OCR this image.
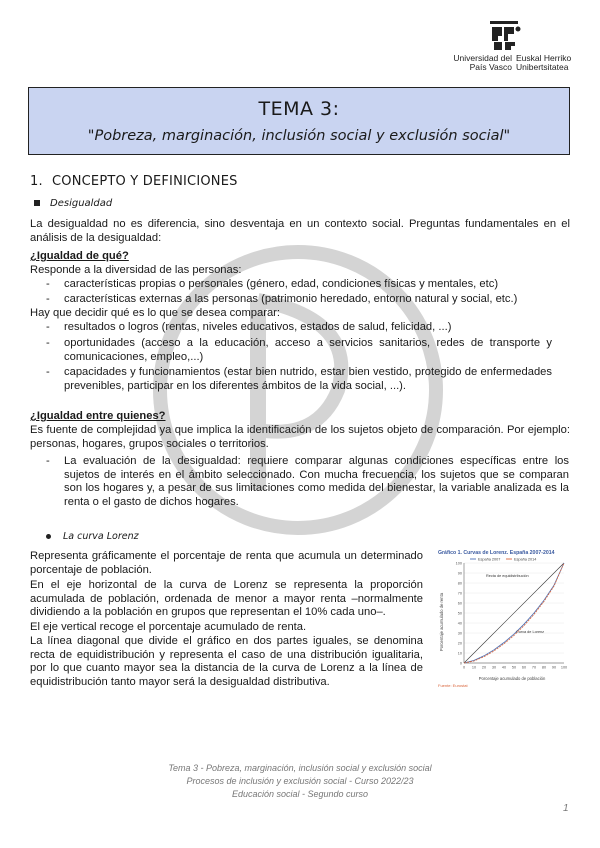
Universidad del País Vasco
Euskal Herriko Unibertsitatea
TEMA 3:
"Pobreza, marginación, inclusión social y exclusión social"
1. CONCEPTO Y DEFINICIONES
Desigualdad
La desigualdad no es diferencia, sino desventaja en un contexto social. Preguntas fundamentales en el análisis de la desigualdad:
¿Igualdad de qué?
Responde a la diversidad de las personas:
- características propias o personales (género, edad, condiciones físicas y mentales, etc)
- características externas a las personas (patrimonio heredado, entorno natural y social, etc.)
Hay que decidir qué es lo que se desea comparar:
- resultados o logros (rentas, niveles educativos, estados de salud, felicidad, ...)
- oportunidades (acceso a la educación, acceso a servicios sanitarios, redes de transporte y comunicaciones, empleo,...)
- capacidades y funcionamientos (estar bien nutrido, estar bien vestido, protegido de enfermedades prevenibles, participar en los diferentes ámbitos de la vida social, ...).
¿Igualdad entre quienes?
Es fuente de complejidad ya que implica la identificación de los sujetos objeto de comparación. Por ejemplo: personas, hogares, grupos sociales o territorios.
- La evaluación de la desigualdad: requiere comparar algunas condiciones específicas entre los sujetos de interés en el ámbito seleccionado. Con mucha frecuencia, los sujetos que se comparan son los hogares y, a pesar de sus limitaciones como medida del bienestar, la variable analizada es la renta o el gasto de dichos hogares.
La curva Lorenz
Representa gráficamente el porcentaje de renta que acumula un determinado porcentaje de población.
En el eje horizontal de la curva de Lorenz se representa la proporción acumulada de población, ordenada de menor a mayor renta –normalmente dividiendo a la población en grupos que representan el 10% cada uno–.
El eje vertical recoge el porcentaje acumulado de renta.
La línea diagonal que divide el gráfico en dos partes iguales, se denomina recta de equidistribución y representa el caso de una distribución igualitaria, por lo que cuanto mayor sea la distancia de la curva de Lorenz a la línea de equidistribución tanto mayor será la desigualdad distributiva.
Gráfico 1. Curvas de Lorenz. España 2007-2014
España 2007	España 2014
0
10
20
30
40
50
60
70
80
90
100
0 10 20 30 40 50 60 70 80 90 100
Recta de equidistribución
Curva de Lorenz
Porcentaje acumulado de población
Porcentaje acumulado de renta
Fuente: Eurostat
Tema 3 - Pobreza, marginación, inclusión social y exclusión social
Procesos de inclusión y exclusión social - Curso 2022/23
Educación social - Segundo curso
1
